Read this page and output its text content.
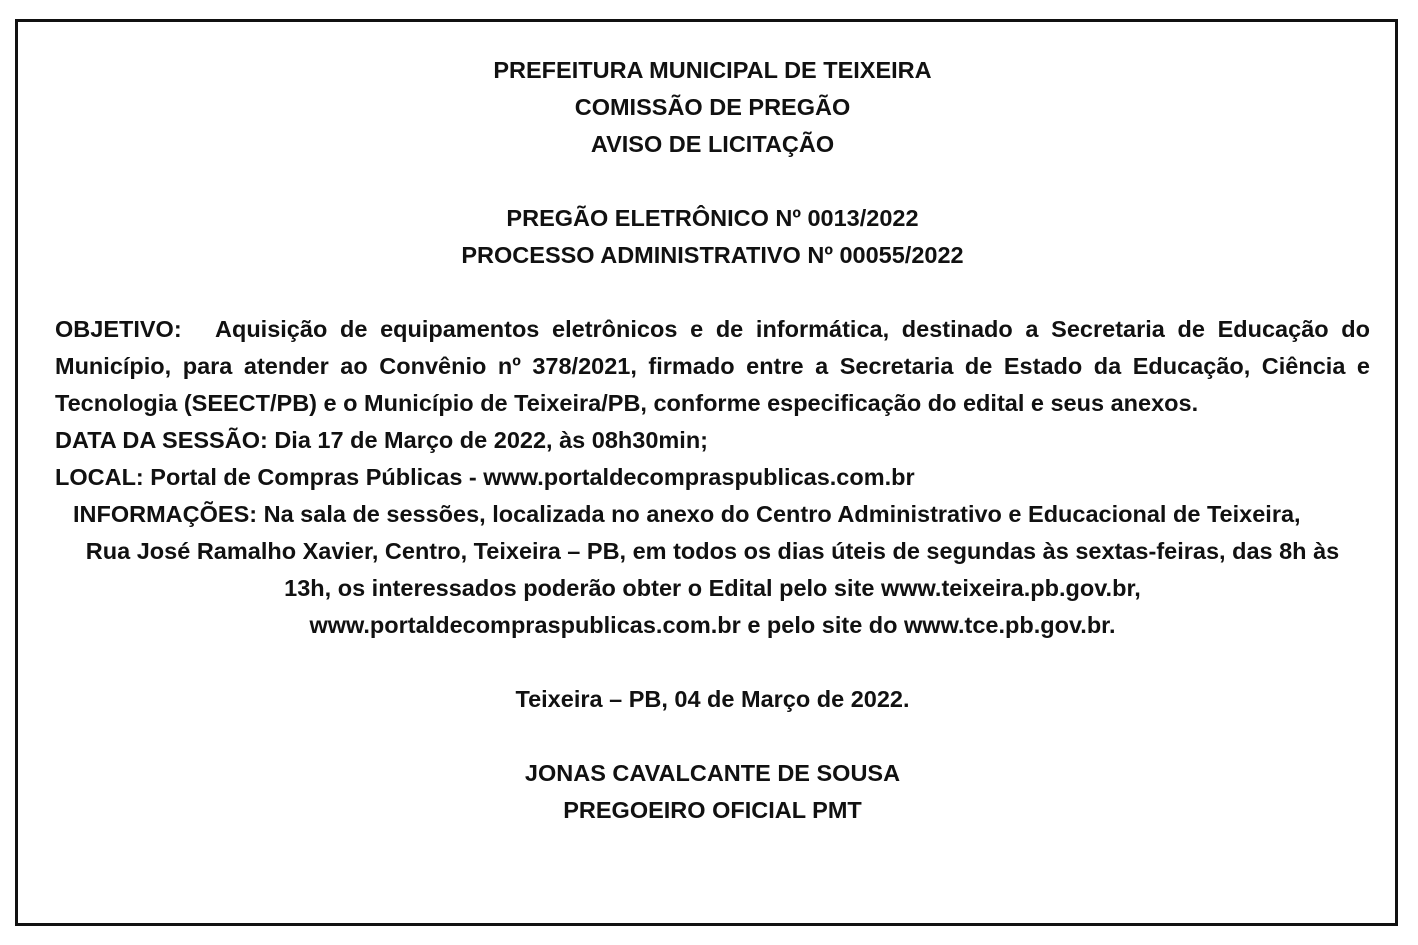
PREFEITURA MUNICIPAL DE TEIXEIRA
COMISSÃO DE PREGÃO
AVISO DE LICITAÇÃO
PREGÃO ELETRÔNICO Nº 0013/2022
PROCESSO ADMINISTRATIVO Nº 00055/2022
OBJETIVO: Aquisição de equipamentos eletrônicos e de informática, destinado a Secretaria de Educação do Município, para atender ao Convênio nº 378/2021, firmado entre a Secretaria de Estado da Educação, Ciência e Tecnologia (SEECT/PB) e o Município de Teixeira/PB, conforme especificação do edital e seus anexos.
DATA DA SESSÃO: Dia 17 de Março de 2022, às 08h30min;
LOCAL: Portal de Compras Públicas - www.portaldecompraspublicas.com.br
INFORMAÇÕES: Na sala de sessões, localizada no anexo do Centro Administrativo e Educacional de Teixeira,
Rua José Ramalho Xavier, Centro, Teixeira – PB, em todos os dias úteis de segundas às sextas-feiras, das 8h às
13h, os interessados poderão obter o Edital pelo site www.teixeira.pb.gov.br,
www.portaldecompraspublicas.com.br e pelo site do www.tce.pb.gov.br.
Teixeira – PB, 04 de Março de 2022.
JONAS CAVALCANTE DE SOUSA
PREGOEIRO OFICIAL PMT
